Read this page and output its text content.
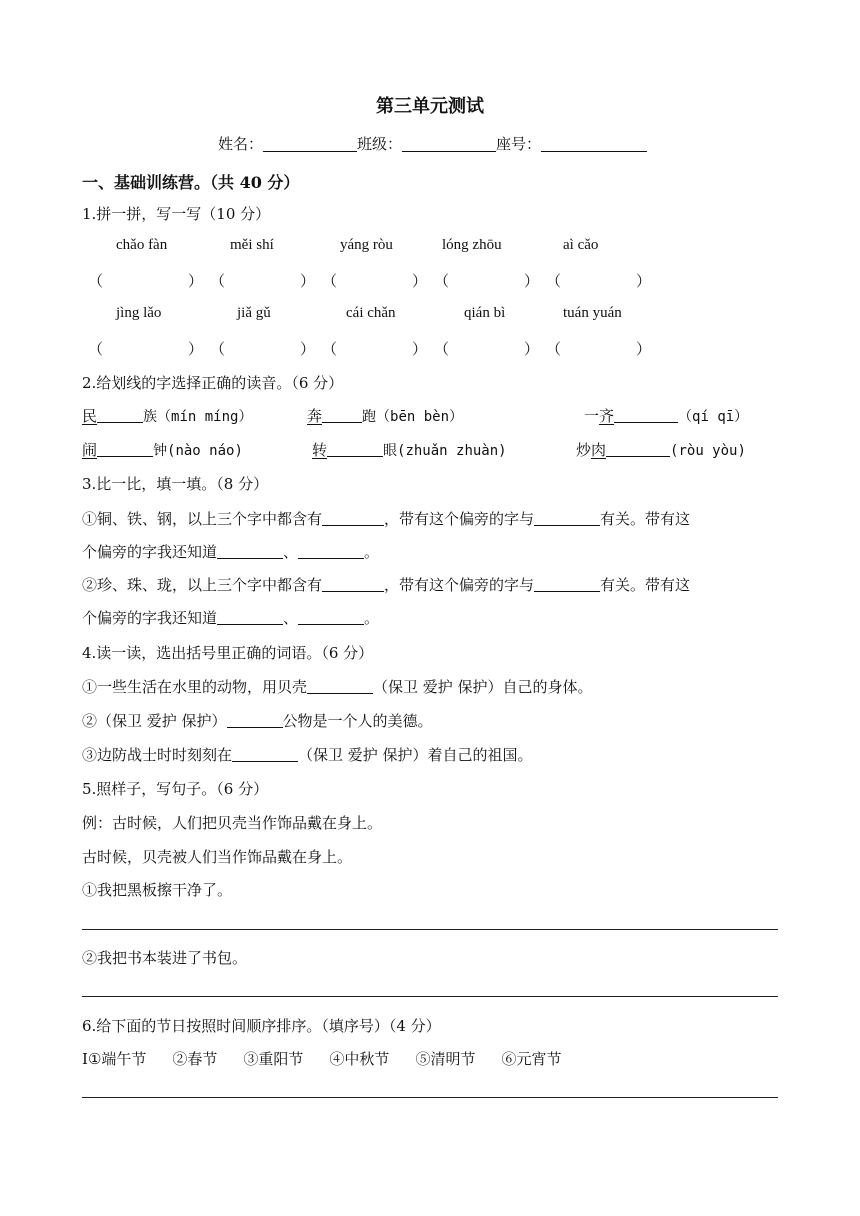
第三单元测试
姓名：	班级：	座号：
一、基础训练营。（共 40 分）
1.拼一拼，写一写（10 分）
chǎo fàn	měi shí	yáng ròu	lóng zhōu	aì cǎo
（	） （	） （	） （	） （	）
jìng lǎo	jiǎ gǔ	cái chǎn	qián bì	tuán yuán
（	） （	） （	） （	） （	）
2.给划线的字选择正确的读音。（6 分）
民	族（mín míng）	奔	跑（bēn bèn）	一齐	（qí qī）
闹	钟(nào náo)	转	眼(zhuǎn zhuàn)	炒肉	(ròu yòu)
3.比一比，填一填。（8 分）
①铜、铁、钢，以上三个字中都含有	，带有这个偏旁的字与	有关。带有这
个偏旁的字我还知道	、	。
②珍、珠、珑，以上三个字中都含有	，带有这个偏旁的字与	有关。带有这
个偏旁的字我还知道	、	。
4.读一读，选出括号里正确的词语。（6 分）
①一些生活在水里的动物，用贝壳	（保卫 爱护 保护）自己的身体。
②（保卫 爱护 保护）	公物是一个人的美德。
③边防战士时时刻刻在	（保卫 爱护 保护）着自己的祖国。
5.照样子，写句子。（6 分）
例：古时候，人们把贝壳当作饰品戴在身上。
古时候，贝壳被人们当作饰品戴在身上。
①我把黑板擦干净了。
②我把书本装进了书包。
6.给下面的节日按照时间顺序排序。（填序号）（4 分）
I①端午节 ②春节 ③重阳节 ④中秋节 ⑤清明节 ⑥元宵节
